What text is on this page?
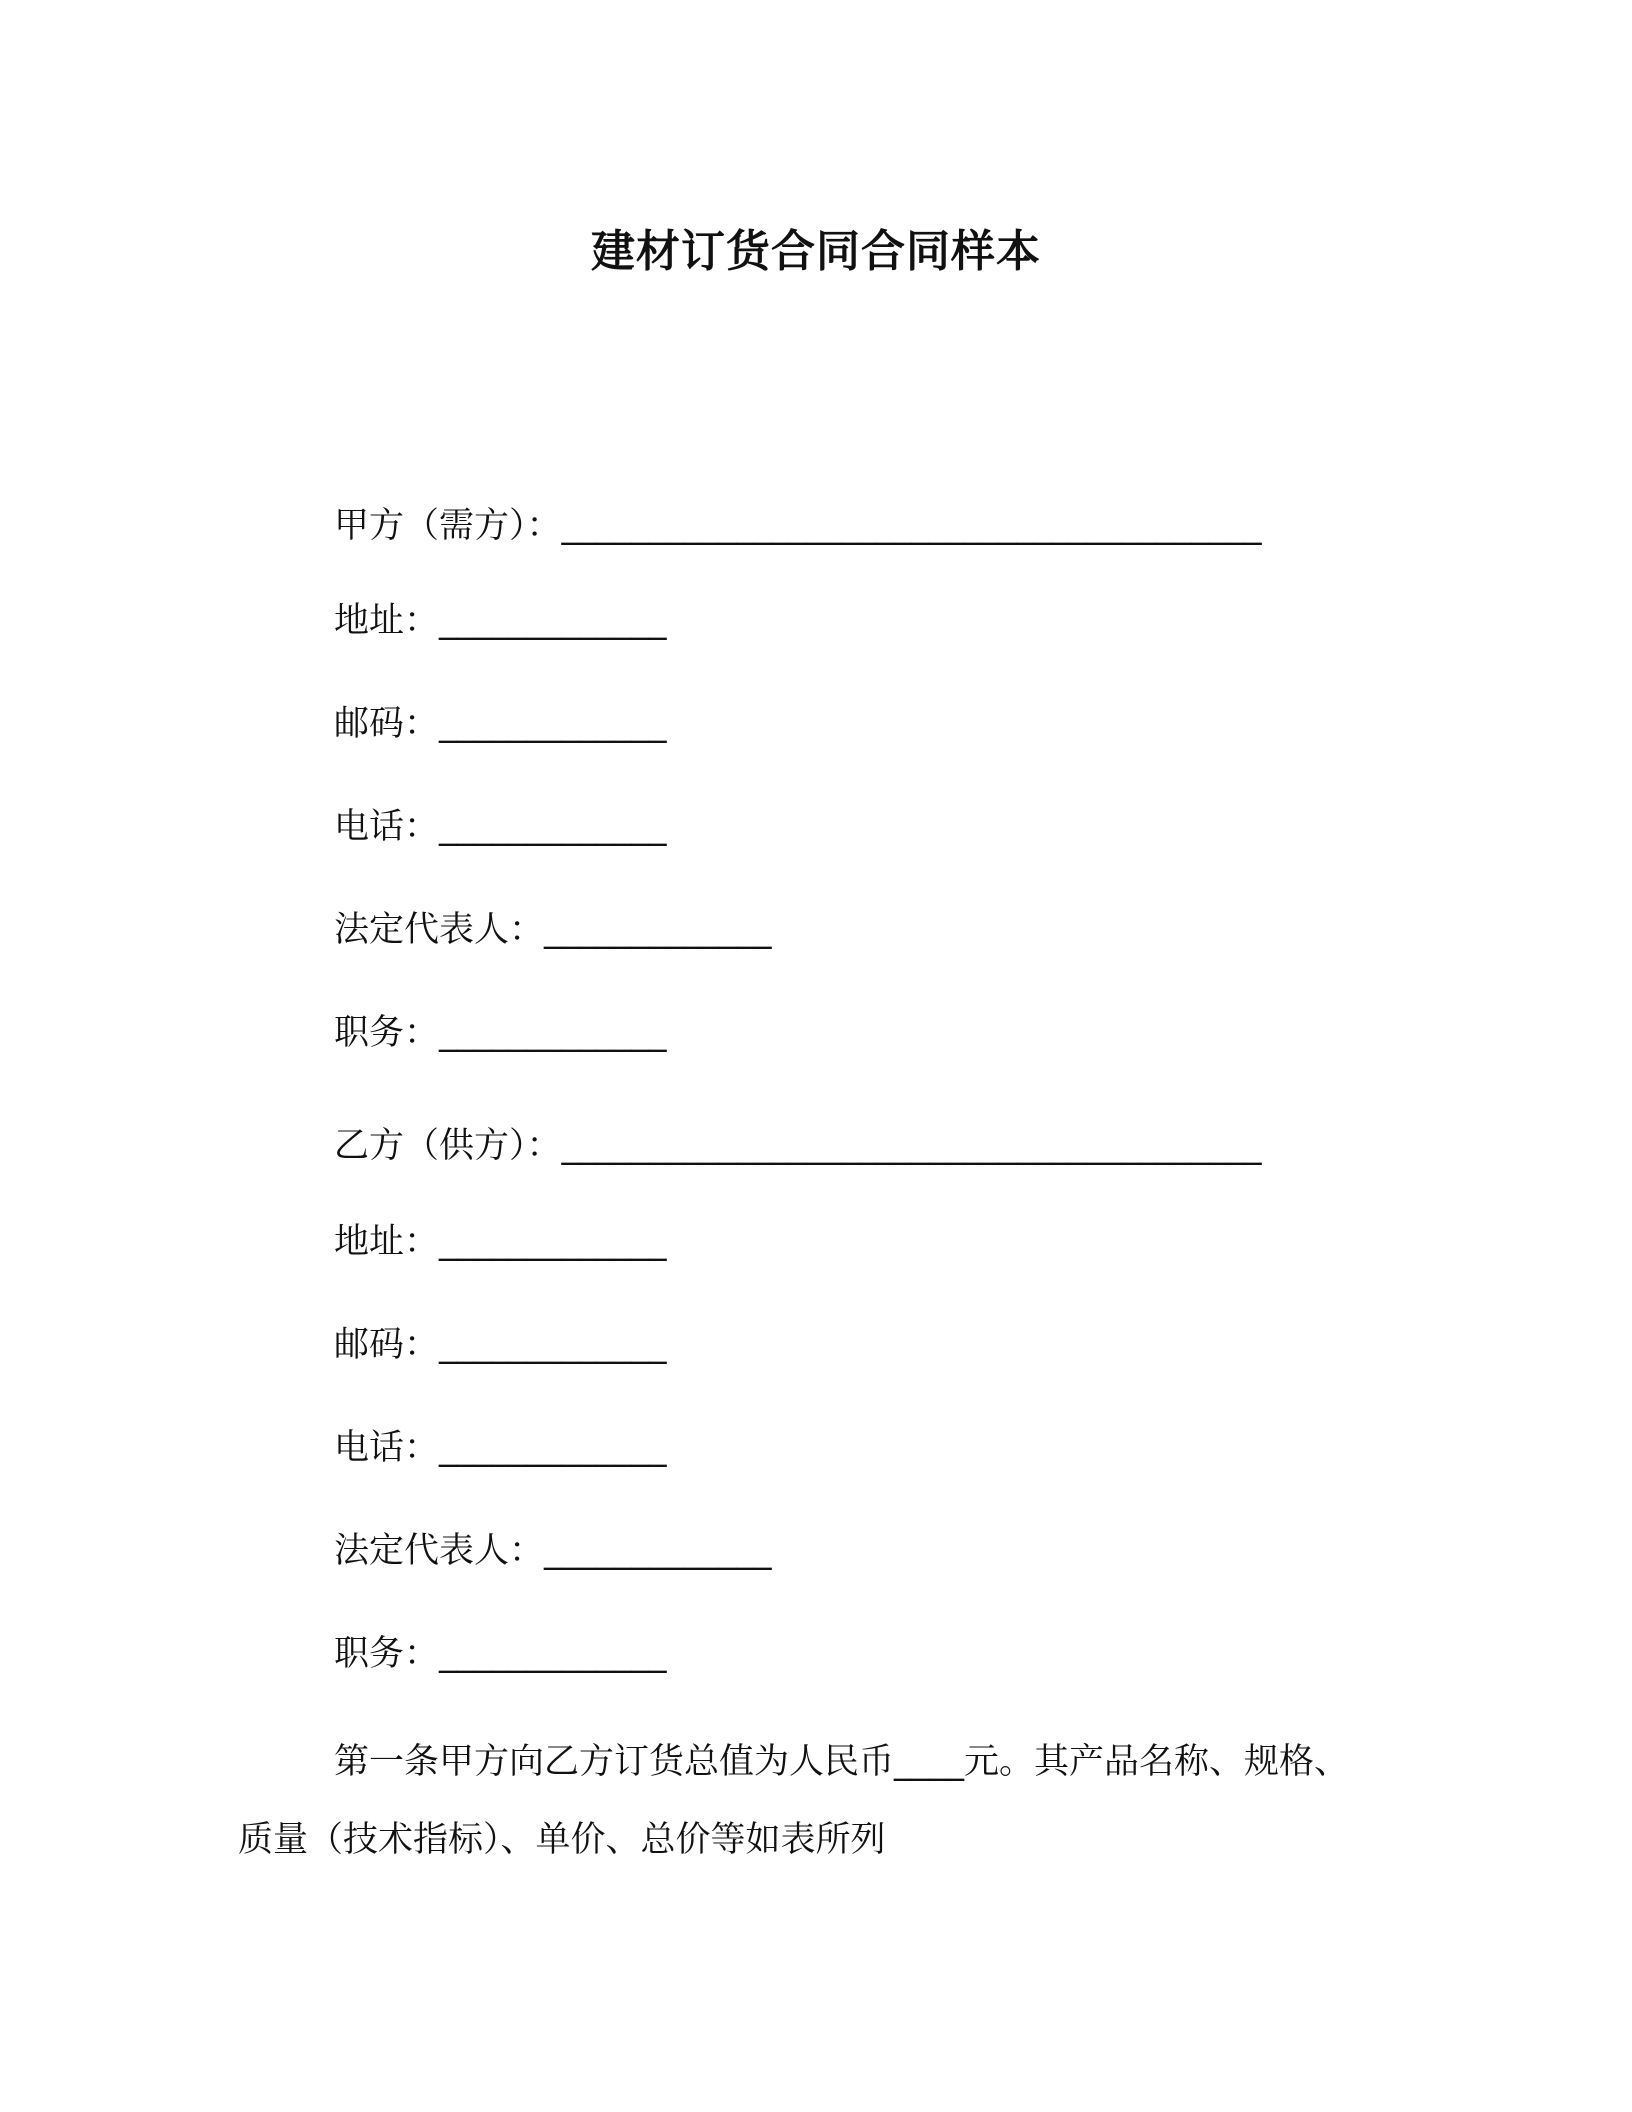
建材订货合同合同样本
甲方（需方）：________________________________________
地址：_____________
邮码：_____________
电话：_____________
法定代表人：_____________
职务：_____________
乙方（供方）：________________________________________
地址：_____________
邮码：_____________
电话：_____________
法定代表人：_____________
职务：_____________
第一条甲方向乙方订货总值为人民币____元。其产品名称、规格、
质量（技术指标）、单价、总价等如表所列
